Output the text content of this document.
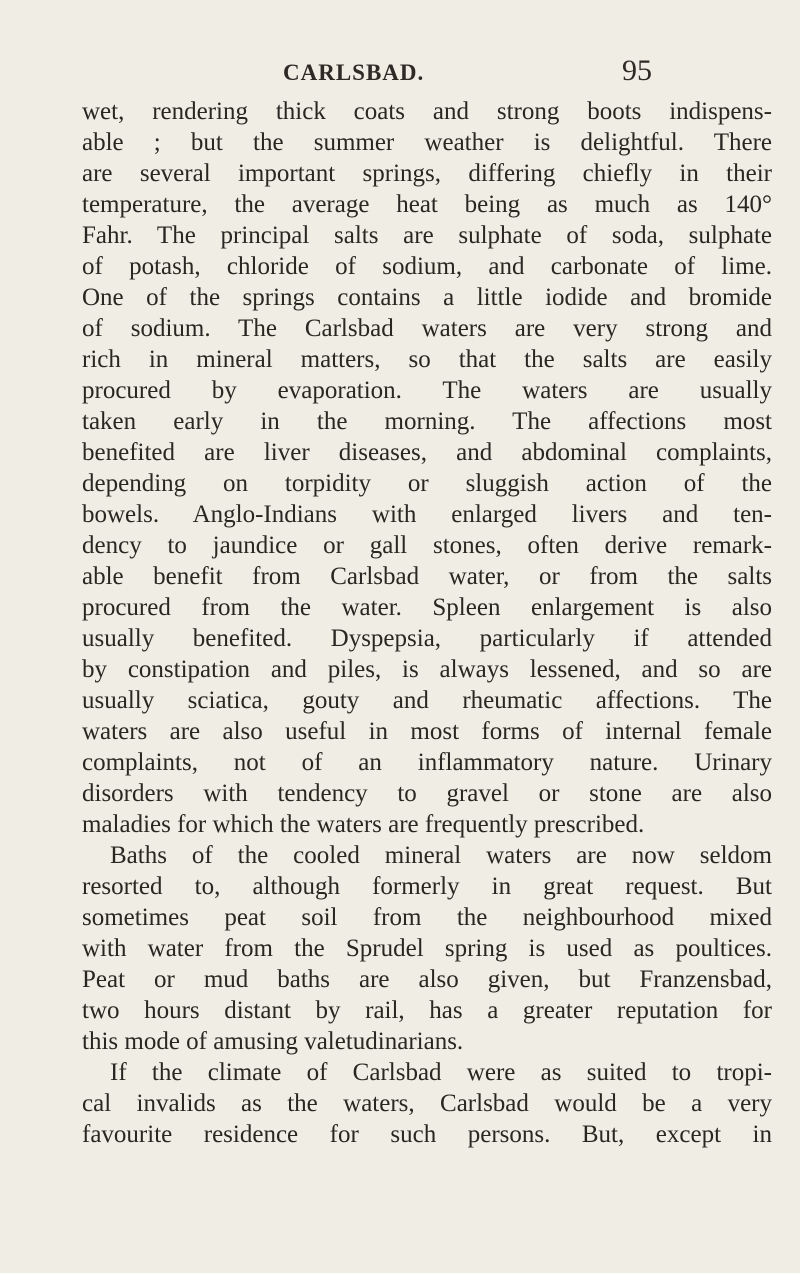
CARLSBAD.	95
wet, rendering thick coats and strong boots indispens-
able ; but the summer weather is delightful. There
are several important springs, differing chiefly in their
temperature, the average heat being as much as 140°
Fahr. The principal salts are sulphate of soda, sulphate
of potash, chloride of sodium, and carbonate of lime.
One of the springs contains a little iodide and bromide
of sodium. The Carlsbad waters are very strong and
rich in mineral matters, so that the salts are easily
procured by evaporation. The waters are usually
taken early in the morning. The affections most
benefited are liver diseases, and abdominal complaints,
depending on torpidity or sluggish action of the
bowels. Anglo-Indians with enlarged livers and ten-
dency to jaundice or gall stones, often derive remark-
able benefit from Carlsbad water, or from the salts
procured from the water. Spleen enlargement is also
usually benefited. Dyspepsia, particularly if attended
by constipation and piles, is always lessened, and so are
usually sciatica, gouty and rheumatic affections. The
waters are also useful in most forms of internal female
complaints, not of an inflammatory nature. Urinary
disorders with tendency to gravel or stone are also
maladies for which the waters are frequently prescribed.
Baths of the cooled mineral waters are now seldom
resorted to, although formerly in great request. But
sometimes peat soil from the neighbourhood mixed
with water from the Sprudel spring is used as poultices.
Peat or mud baths are also given, but Franzensbad,
two hours distant by rail, has a greater reputation for
this mode of amusing valetudinarians.
If the climate of Carlsbad were as suited to tropi-
cal invalids as the waters, Carlsbad would be a very
favourite residence for such persons. But, except in
